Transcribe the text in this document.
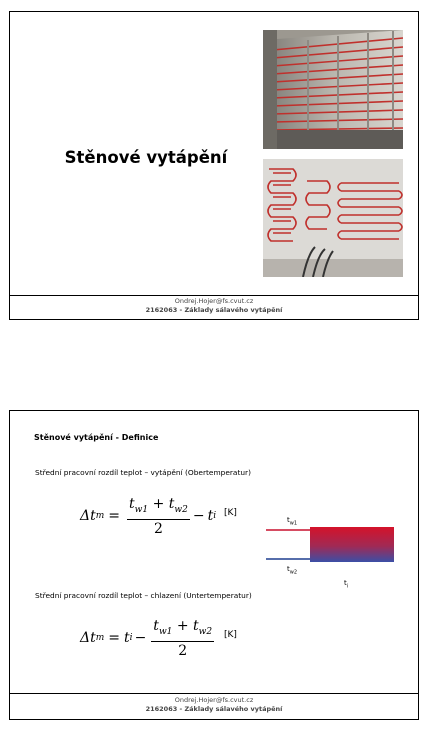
Stěnové vytápění
Ondrej.Hojer@fs.cvut.cz
2162063 - Základy sálavého vytápění
Stěnové vytápění - Definice
Střední pracovní rozdíl teplot – vytápění (Obertemperatur)
Δt $m = \frac{t_{w1} + t_{w2}}{2} - t$ i [K]
$t_{w1}$
$t_{w2}$
$t_i$
Střední pracovní rozdíl teplot – chlazení (Untertemperatur)
Δt m = t $i - \frac{t_{w1} + t_{w2}}{2} [K]$
Ondrej.Hojer@fs.cvut.cz
2162063 - Základy sálavého vytápění
